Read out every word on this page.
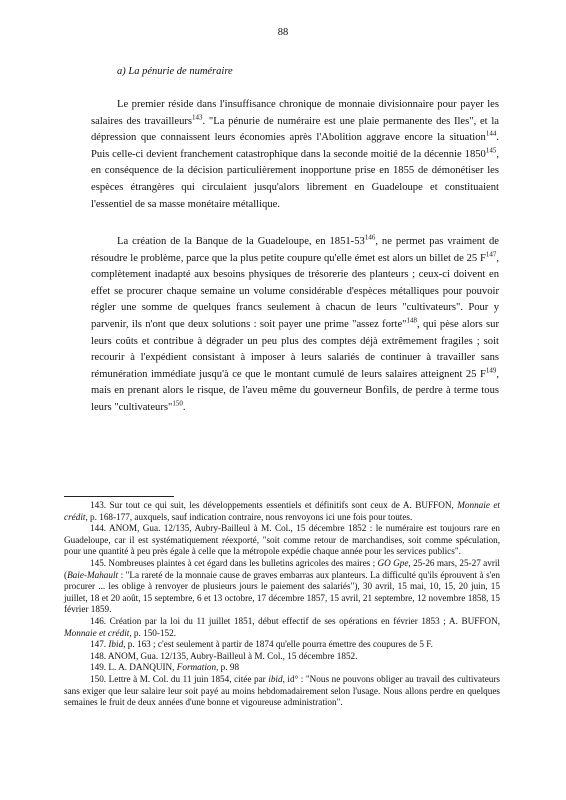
88
a) La pénurie de numéraire

Le premier réside dans l'insuffisance chronique de monnaie divisionnaire pour payer les salaires des travailleurs$^{143}$. "La pénurie de numéraire est une plaie permanente des Iles", et la dépression que connaissent leurs économies après l'Abolition aggrave encore la situation$^{144}$. Puis celle-ci devient franchement catastrophique dans la seconde moitié de la décennie 1850$^{145}$, en conséquence de la décision particulièrement inopportune prise en 1855 de démonétiser les espèces étrangères qui circulaient jusqu'alors librement en Guadeloupe et constituaient l'essentiel de sa masse monétaire métallique.

La création de la Banque de la Guadeloupe, en $1851-53^{146}$, ne permet pas vraiment de résoudre le problème, parce que la plus petite coupure qu'elle émet est alors un billet de 25 $F^{147}$, complètement inadapté aux besoins physiques de trésorerie des planteurs ; ceux-ci doivent en effet se procurer chaque semaine un volume considérable d'espèces métalliques pour pouvoir régler une somme de quelques francs seulement à chacun de leurs "cultivateurs". Pour y parvenir, ils n'ont que deux solutions : soit payer une prime "assez forte"$^{148}$, qui pèse alors sur leurs coûts et contribue à dégrader un peu plus des comptes déjà extrêmement fragiles ; soit recourir à l'expédient consistant à imposer à leurs salariés de continuer à travailler sans rémunération immédiate jusqu'à ce que le montant cumulé de leurs salaires atteignent 25 $F^{149}$, mais en prenant alors le risque, de l'aveu même du gouverneur Bonfils, de perdre à terme tous leurs "cultivateurs"$^{150}$.

143. Sur tout ce qui suit, les développements essentiels et définitifs sont ceux de A. BUFFON, Monnaie et crédit, p. 168-177, auxquels, sauf indication contraire, nous renvoyons ici une fois pour toutes.

144. ANOM, Gua. 12/135, Aubry-Bailleul à M. Col., 15 décembre 1852 : le numéraire est toujours rare en Guadeloupe, car il est systématiquement réexporté, "soit comme retour de marchandises, soit comme spéculation, pour une quantité à peu près égale à celle que la métropole expédie chaque année pour les services publics".

145. Nombreuses plaintes à cet égard dans les bulletins agricoles des maires ; GO Gpe, 25-26 mars, 25-27 avril (Baie-Mahault : "La rareté de la monnaie cause de graves embarras aux planteurs. La difficulté qu'ils éprouvent à s'en procurer ... les oblige à renvoyer de plusieurs jours le paiement des salariés"), 30 avril, 15 mai, 10, 15, 20 juin, 15 juillet, 18 et 20 août, 15 septembre, 6 et 13 octobre, 17 décembre 1857, 15 avril, 21 septembre, 12 novembre 1858, 15 février 1859.

146. Création par la loi du 11 juillet 1851, début effectif de ses opérations en février 1853 ; A. BUFFON, Monnaie et crédit, p. 150-152.

147. Ibid, p. 163 ; c'est seulement à partir de 1874 qu'elle pourra émettre des coupures de 5 F.

148. ANOM, Gua. 12/135, Aubry-Bailleul à M. Col., 15 décembre 1852.

149. L. A. DANQUIN, Formation, p. 98

150. Lettre à M. Col. du 11 juin 1854, citée par ibid, id° : "Nous ne pouvons obliger au travail des cultivateurs sans exiger que leur salaire leur soit payé au moins hebdomadairement selon l'usage. Nous allons perdre en quelques semaines le fruit de deux années d'une bonne et vigoureuse administration".
